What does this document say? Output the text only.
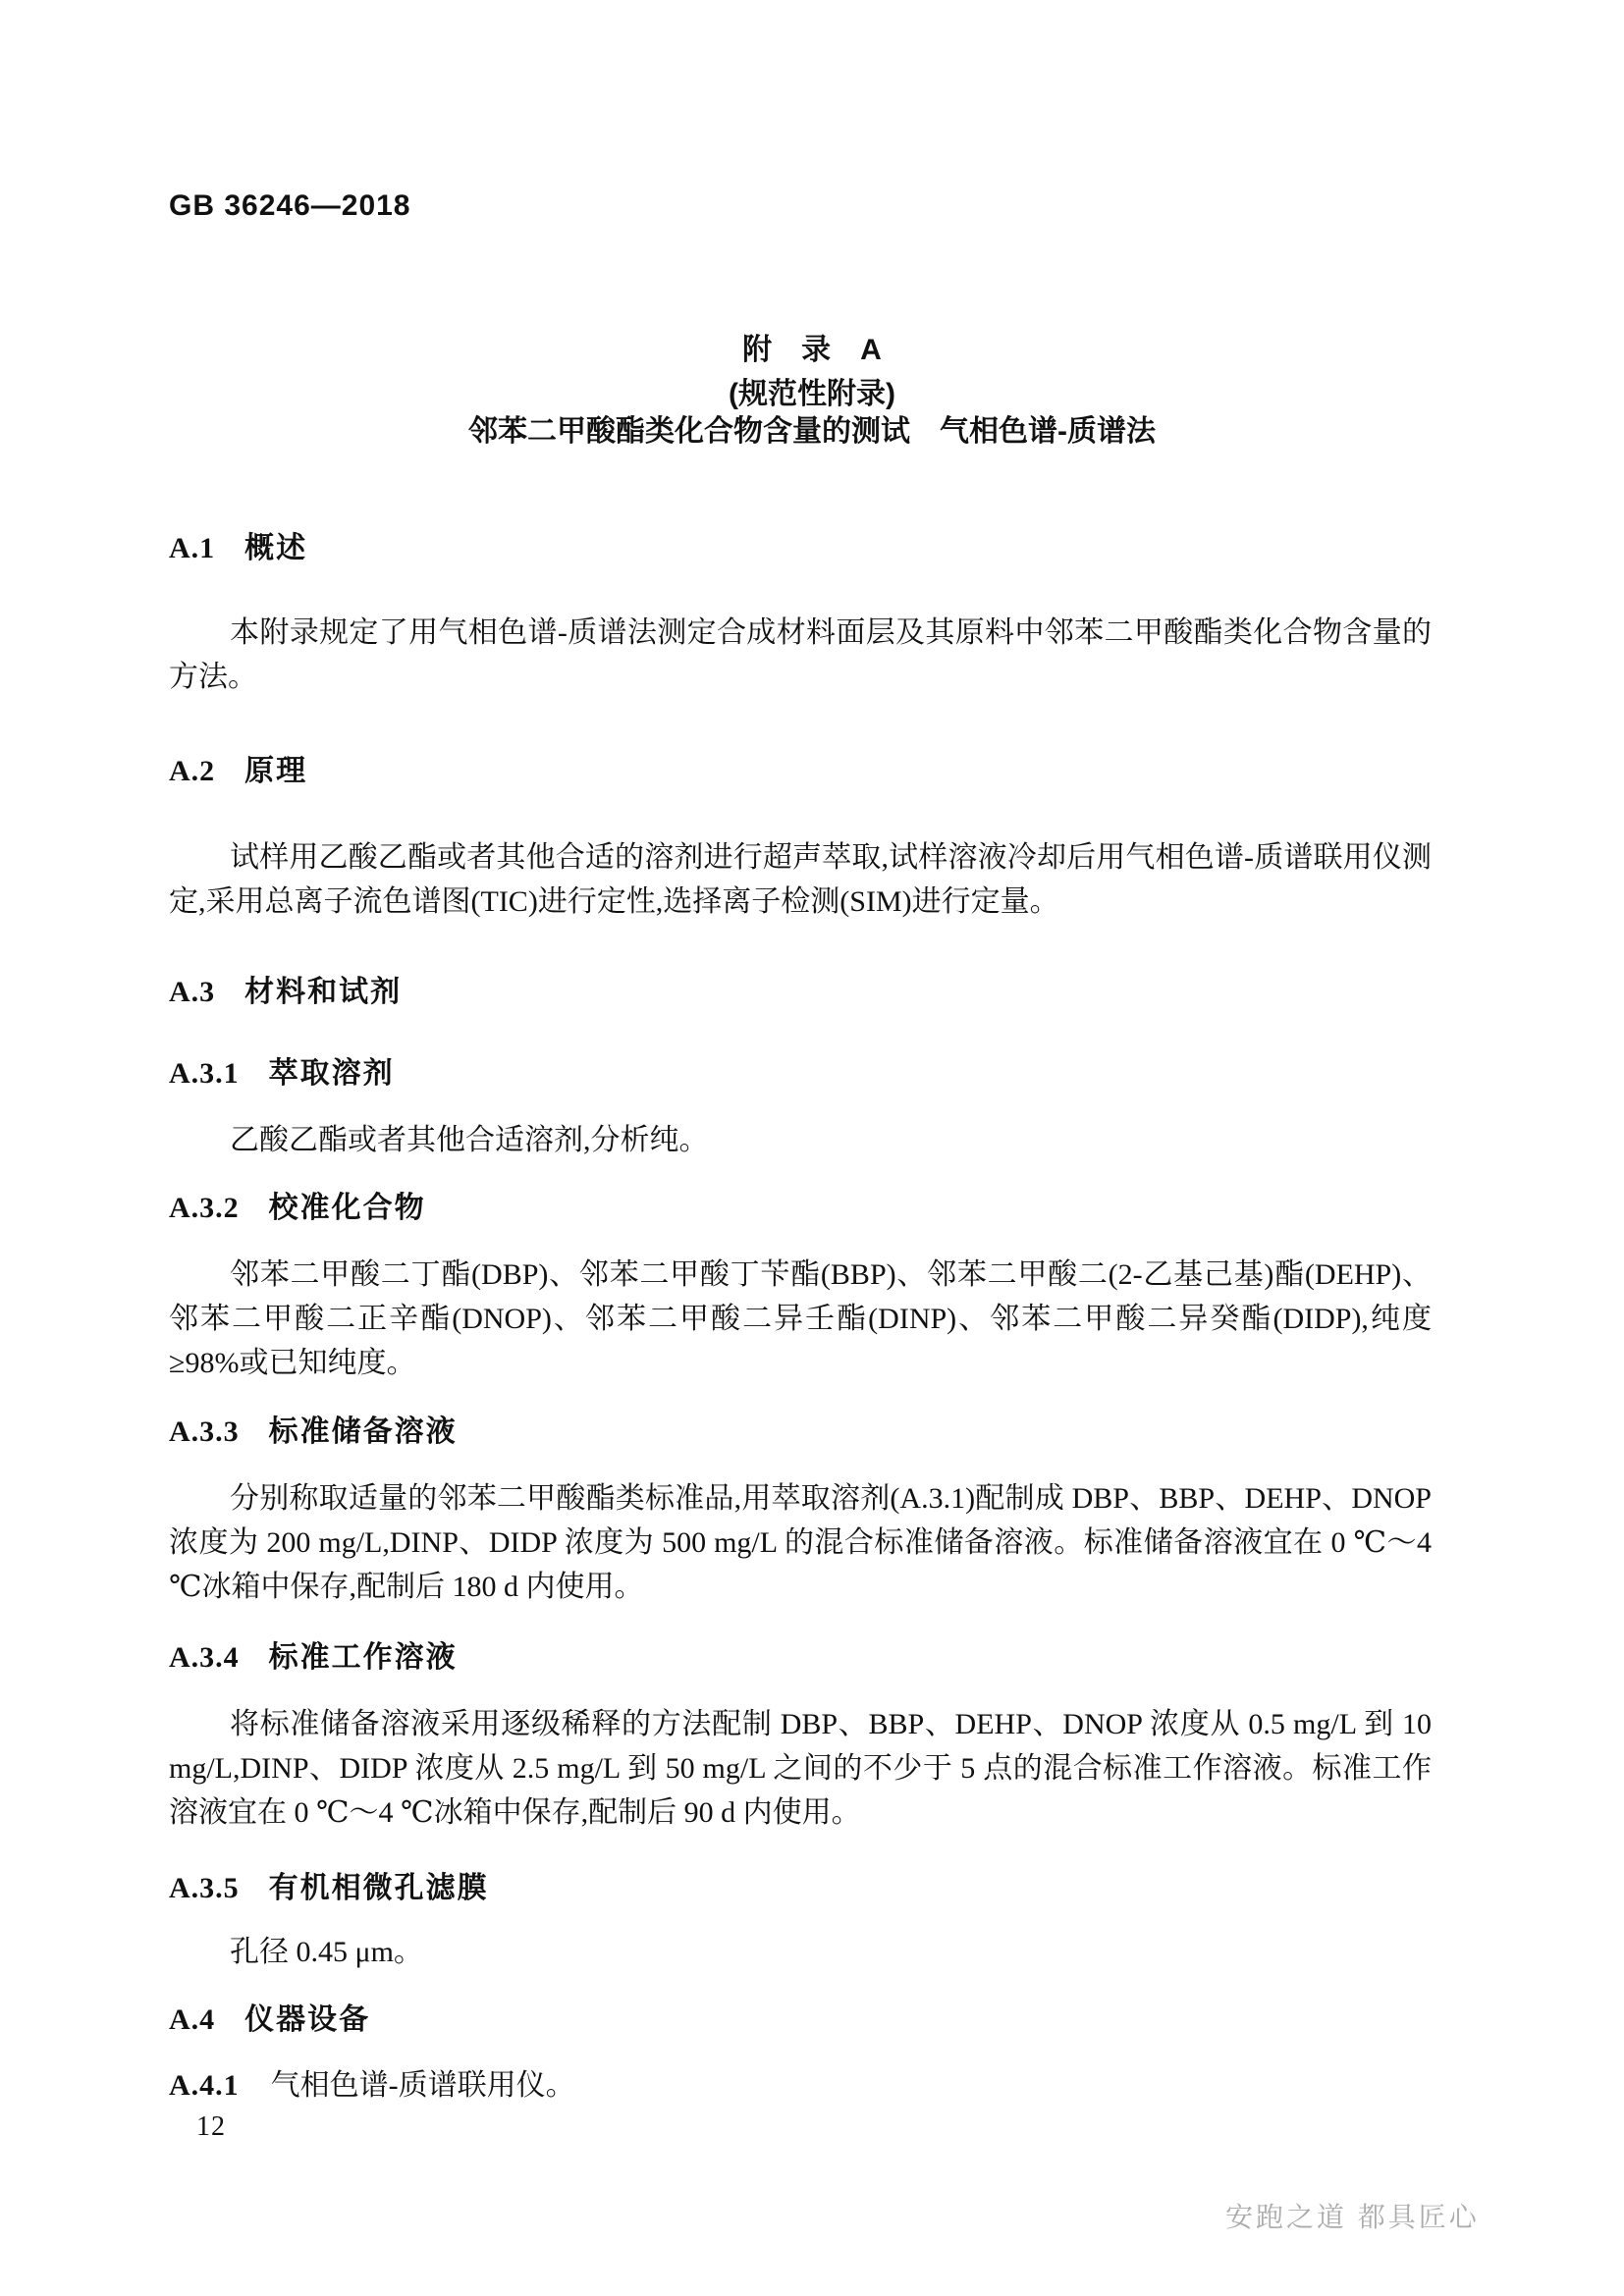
GB 36246—2018
附　录　A
(规范性附录)
邻苯二甲酸酯类化合物含量的测试　气相色谱-质谱法
A.1 概述
本附录规定了用气相色谱-质谱法测定合成材料面层及其原料中邻苯二甲酸酯类化合物含量的方法。
A.2 原理
试样用乙酸乙酯或者其他合适的溶剂进行超声萃取,试样溶液冷却后用气相色谱-质谱联用仪测定,采用总离子流色谱图(TIC)进行定性,选择离子检测(SIM)进行定量。
A.3 材料和试剂
A.3.1 萃取溶剂
乙酸乙酯或者其他合适溶剂,分析纯。
A.3.2 校准化合物
邻苯二甲酸二丁酯(DBP)、邻苯二甲酸丁苄酯(BBP)、邻苯二甲酸二(2-乙基己基)酯(DEHP)、邻苯二甲酸二正辛酯(DNOP)、邻苯二甲酸二异壬酯(DINP)、邻苯二甲酸二异癸酯(DIDP),纯度≥98%或已知纯度。
A.3.3 标准储备溶液
分别称取适量的邻苯二甲酸酯类标准品,用萃取溶剂(A.3.1)配制成 DBP、BBP、DEHP、DNOP 浓度为 200 mg/L,DINP、DIDP 浓度为 500 mg/L 的混合标准储备溶液。标准储备溶液宜在 0 ℃～4 ℃冰箱中保存,配制后 180 d 内使用。
A.3.4 标准工作溶液
将标准储备溶液采用逐级稀释的方法配制 DBP、BBP、DEHP、DNOP 浓度从 0.5 mg/L 到 10 mg/L,DINP、DIDP 浓度从 2.5 mg/L 到 50 mg/L 之间的不少于 5 点的混合标准工作溶液。标准工作溶液宜在 0 ℃～4 ℃冰箱中保存,配制后 90 d 内使用。
A.3.5 有机相微孔滤膜
孔径 0.45 μm。
A.4 仪器设备
A.4.1 气相色谱-质谱联用仪。
12
安跑之道 都具匠心
